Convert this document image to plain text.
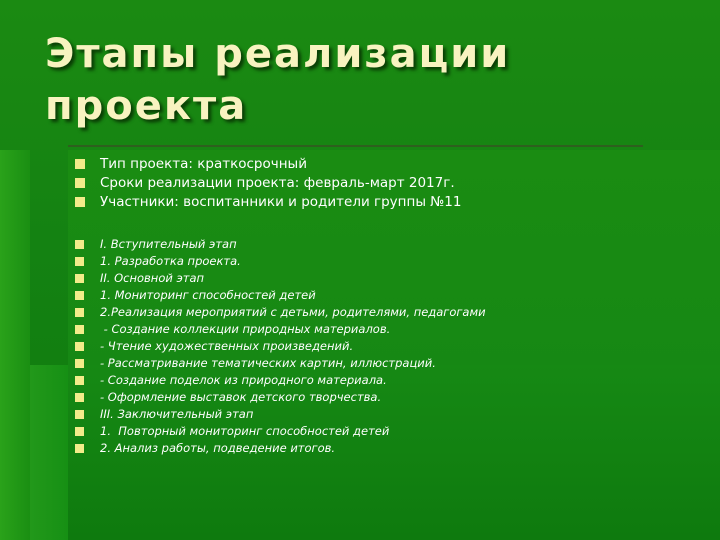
Этапы реализации
проекта
Тип проекта: краткосрочный
Сроки реализации проекта: февраль-март 2017г.
Участники: воспитанники и родители группы №11
I. Вступительный этап
1. Разработка проекта.
II. Основной этап
1. Мониторинг способностей детей
2.Реализация мероприятий с детьми, родителями, педагогами
- Создание коллекции природных материалов.
- Чтение художественных произведений.
- Рассматривание тематических картин, иллюстраций.
- Создание поделок из природного материала.
- Оформление выставок детского творчества.
III. Заключительный этап
1.  Повторный мониторинг способностей детей
2. Анализ работы, подведение итогов.
